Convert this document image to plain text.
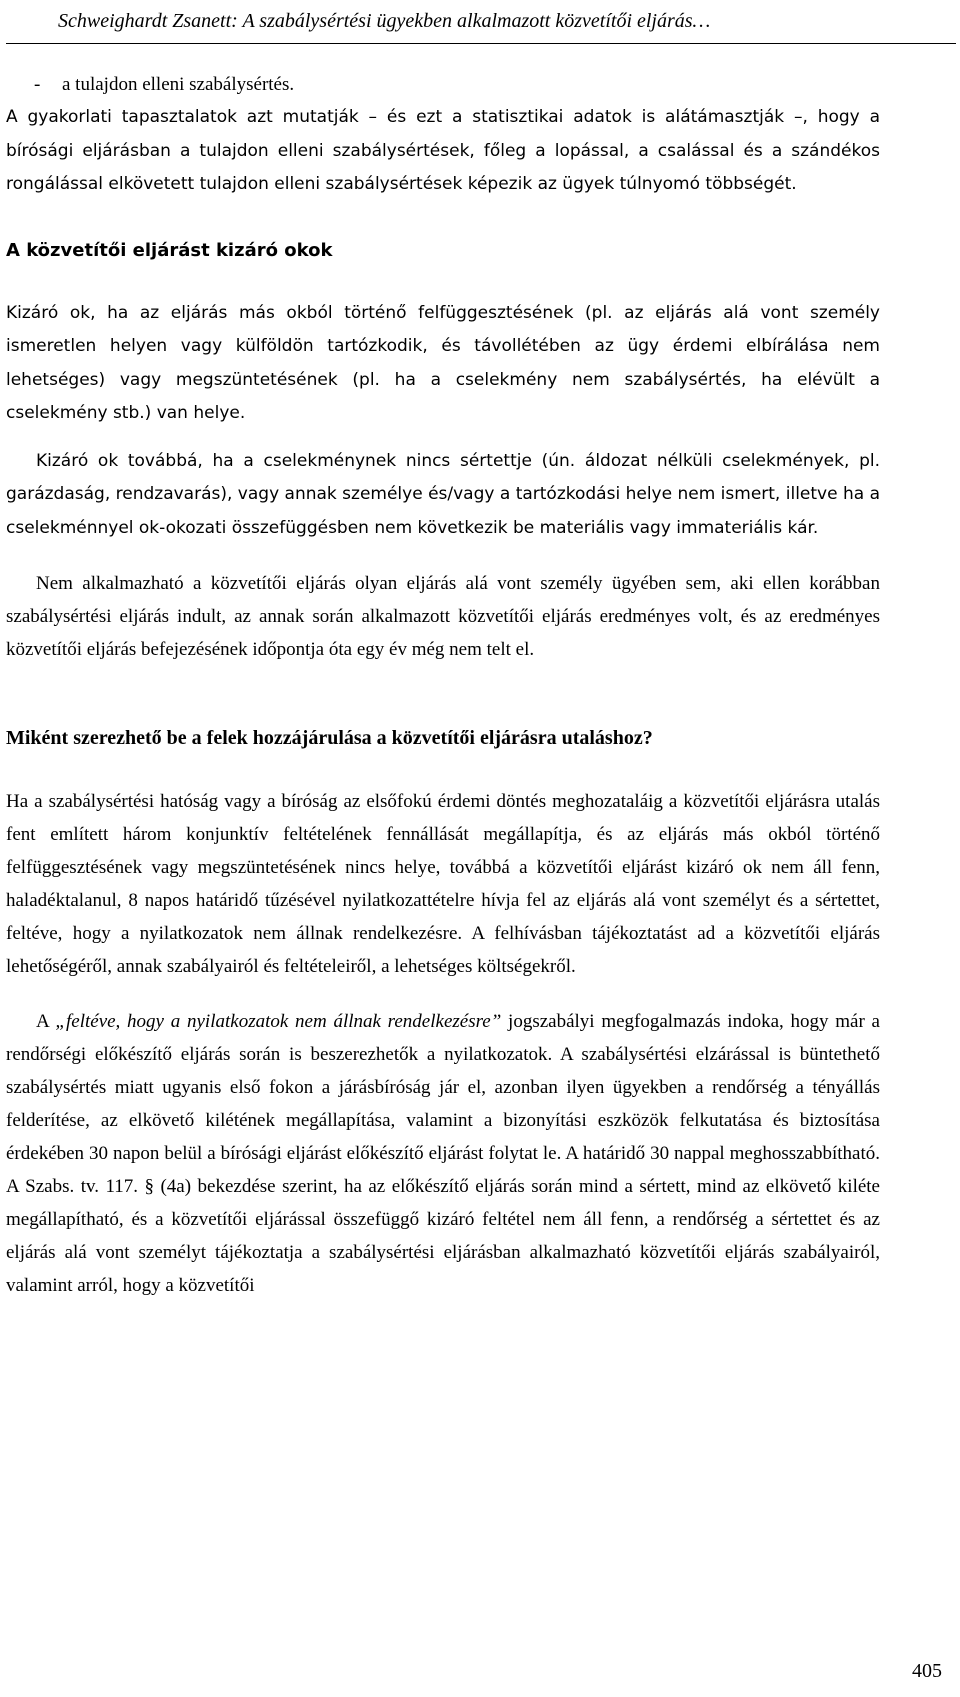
Schweighardt Zsanett: A szabálysértési ügyekben alkalmazott közvetítői eljárás…
-	a tulajdon elleni szabálysértés.

A gyakorlati tapasztalatok azt mutatják – és ezt a statisztikai adatok is alátámasztják –, hogy a bírósági eljárásban a tulajdon elleni szabálysértések, főleg a lopással, a csalással és a szándékos rongálással elkövetett tulajdon elleni szabálysértések képezik az ügyek túlnyomó többségét.

A közvetítői eljárást kizáró okok

Kizáró ok, ha az eljárás más okból történő felfüggesztésének (pl. az eljárás alá vont személy ismeretlen helyen vagy külföldön tartózkodik, és távollétében az ügy érdemi elbírálása nem lehetséges) vagy megszüntetésének (pl. ha a cselekmény nem szabálysértés, ha elévült a cselekmény stb.) van helye.

Kizáró ok továbbá, ha a cselekménynek nincs sértettje (ún. áldozat nélküli cselekmények, pl. garázdaság, rendzavarás), vagy annak személye és/vagy a tartózkodási helye nem ismert, illetve ha a cselekménnyel ok-okozati összefüggésben nem következik be materiális vagy immateriális kár.

Nem alkalmazható a közvetítői eljárás olyan eljárás alá vont személy ügyében sem, aki ellen korábban szabálysértési eljárás indult, az annak során alkalmazott közvetítői eljárás eredményes volt, és az eredményes közvetítői eljárás befejezésének időpontja óta egy év még nem telt el.

Miként szerezhető be a felek hozzájárulása a közvetítői eljárásra utaláshoz?

Ha a szabálysértési hatóság vagy a bíróság az elsőfokú érdemi döntés meghozataláig a közvetítői eljárásra utalás fent említett három konjunktív feltételének fennállását megállapítja, és az eljárás más okból történő felfüggesztésének vagy megszüntetésének nincs helye, továbbá a közvetítői eljárást kizáró ok nem áll fenn, haladéktalanul, 8 napos határidő tűzésével nyilatkozattételre hívja fel az eljárás alá vont személyt és a sértettet, feltéve, hogy a nyilatkozatok nem állnak rendelkezésre. A felhívásban tájékoztatást ad a közvetítői eljárás lehetőségéről, annak szabályairól és feltételeiről, a lehetséges költségekről.

A „feltéve, hogy a nyilatkozatok nem állnak rendelkezésre” jogszabályi megfogalmazás indoka, hogy már a rendőrségi előkészítő eljárás során is beszerezhetők a nyilatkozatok. A szabálysértési elzárással is büntethető szabálysértés miatt ugyanis első fokon a járásbíróság jár el, azonban ilyen ügyekben a rendőrség a tényállás felderítése, az elkövető kilétének megállapítása, valamint a bizonyítási eszközök felkutatása és biztosítása érdekében 30 napon belül a bírósági eljárást előkészítő eljárást folytat le. A határidő 30 nappal meghosszabbítható. A Szabs. tv. 117. § (4a) bekezdése szerint, ha az előkészítő eljárás során mind a sértett, mind az elkövető kiléte megállapítható, és a közvetítői eljárással összefüggő kizáró feltétel nem áll fenn, a rendőrség a sértettet és az eljárás alá vont személyt tájékoztatja a szabálysértési eljárásban alkalmazható közvetítői eljárás szabályairól, valamint arról, hogy a közvetítői

405
